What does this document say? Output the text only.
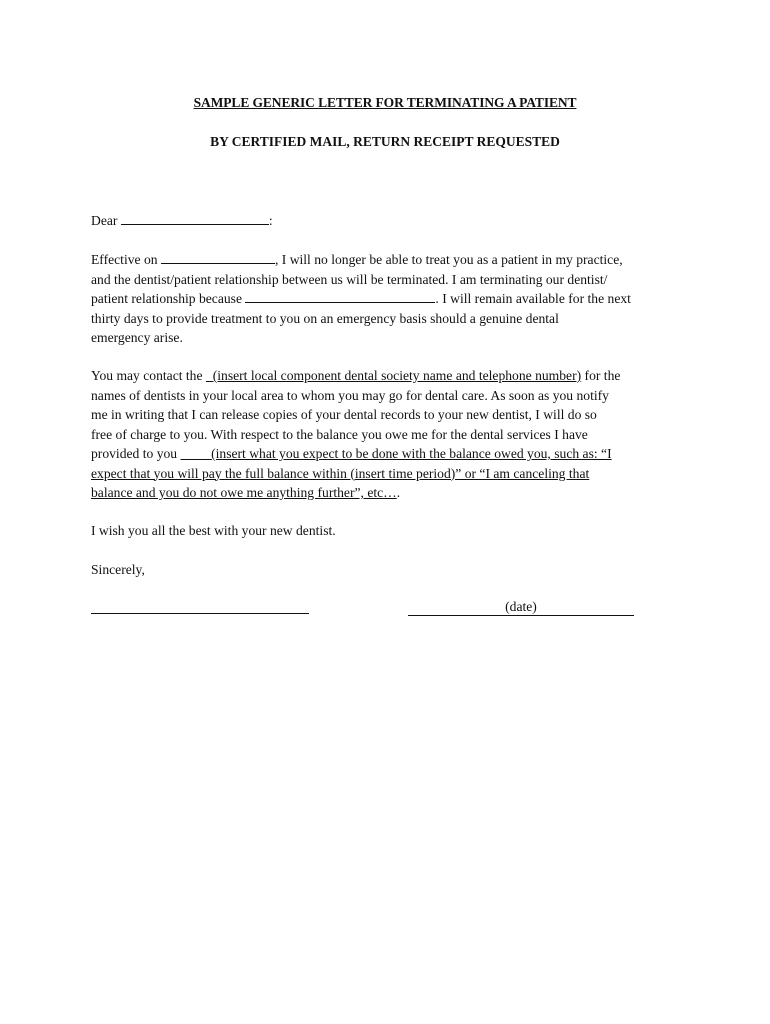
SAMPLE GENERIC LETTER FOR TERMINATING A PATIENT
BY CERTIFIED MAIL, RETURN RECEIPT REQUESTED
Dear	:
Effective on	, I will no longer be able to treat you as a patient in my practice,
and the dentist/patient relationship between us will be terminated. I am terminating our dentist/
patient relationship because	. I will remain available for the next
thirty days to provide treatment to you on an emergency basis should a genuine dental
emergency arise.
You may contact the (insert local component dental society name and telephone number) for the
names of dentists in your local area to whom you may go for dental care. As soon as you notify
me in writing that I can release copies of your dental records to your new dentist, I will do so
free of charge to you. With respect to the balance you owe me for the dental services I have
provided to you	(insert what you expect to be done with the balance owed you, such as: “I
expect that you will pay the full balance within (insert time period)” or “I am canceling that
balance and you do not owe me anything further”, etc….
I wish you all the best with your new dentist.
Sincerely,
(date)
